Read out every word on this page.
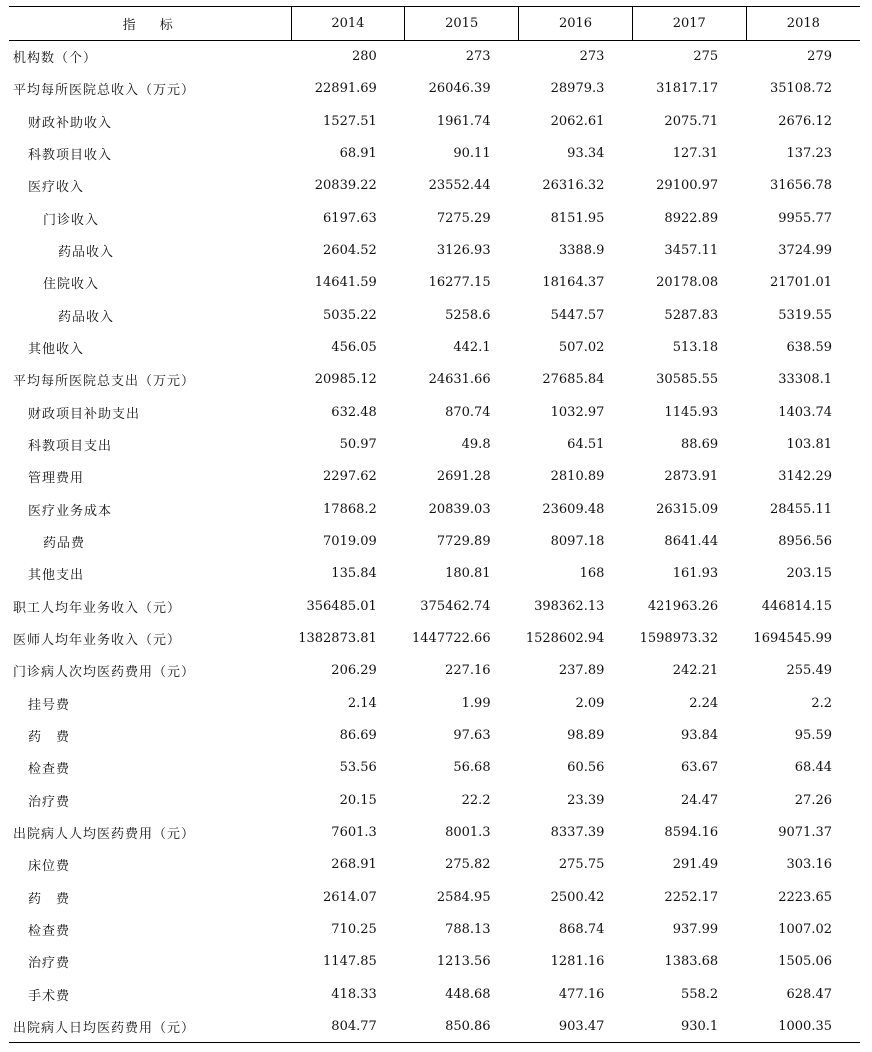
指 标	2014	2015	2016	2017	2018
机构数（个）	280	273	273	275	279
平均每所医院总收入（万元）	22891.69	26046.39	28979.3	31817.17	35108.72
财政补助收入	1527.51	1961.74	2062.61	2075.71	2676.12
科教项目收入	68.91	90.11	93.34	127.31	137.23
医疗收入	20839.22	23552.44	26316.32	29100.97	31656.78
门诊收入	6197.63	7275.29	8151.95	8922.89	9955.77
药品收入	2604.52	3126.93	3388.9	3457.11	3724.99
住院收入	14641.59	16277.15	18164.37	20178.08	21701.01
药品收入	5035.22	5258.6	5447.57	5287.83	5319.55
其他收入	456.05	442.1	507.02	513.18	638.59
平均每所医院总支出（万元）	20985.12	24631.66	27685.84	30585.55	33308.1
财政项目补助支出	632.48	870.74	1032.97	1145.93	1403.74
科教项目支出	50.97	49.8	64.51	88.69	103.81
管理费用	2297.62	2691.28	2810.89	2873.91	3142.29
医疗业务成本	17868.2	20839.03	23609.48	26315.09	28455.11
药品费	7019.09	7729.89	8097.18	8641.44	8956.56
其他支出	135.84	180.81	168	161.93	203.15
职工人均年业务收入（元）	356485.01	375462.74	398362.13	421963.26	446814.15
医师人均年业务收入（元）	1382873.81	1447722.66	1528602.94	1598973.32	1694545.99
门诊病人次均医药费用（元）	206.29	227.16	237.89	242.21	255.49
挂号费	2.14	1.99	2.09	2.24	2.2
药　费	86.69	97.63	98.89	93.84	95.59
检查费	53.56	56.68	60.56	63.67	68.44
治疗费	20.15	22.2	23.39	24.47	27.26
出院病人人均医药费用（元）	7601.3	8001.3	8337.39	8594.16	9071.37
床位费	268.91	275.82	275.75	291.49	303.16
药　费	2614.07	2584.95	2500.42	2252.17	2223.65
检查费	710.25	788.13	868.74	937.99	1007.02
治疗费	1147.85	1213.56	1281.16	1383.68	1505.06
手术费	418.33	448.68	477.16	558.2	628.47
出院病人日均医药费用（元）	804.77	850.86	903.47	930.1	1000.35
